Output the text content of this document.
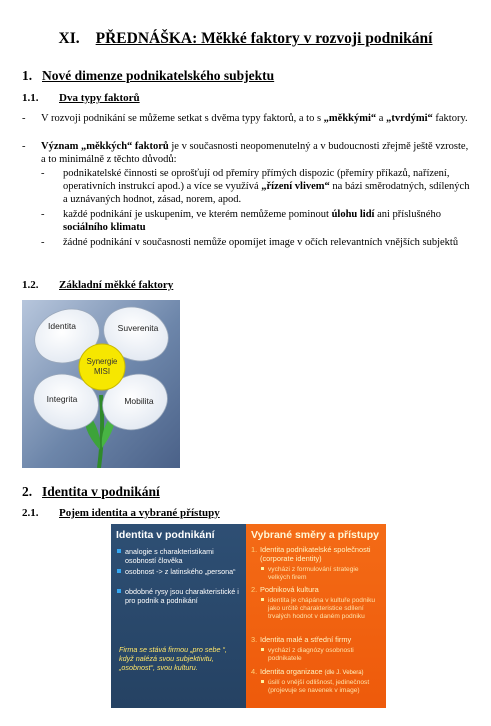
XI. PŘEDNÁŠKA: Měkké faktory v rozvoji podnikání
1. Nové dimenze podnikatelského subjektu
1.1. Dva typy faktorů
- V rozvoji podnikání se můžeme setkat s dvěma typy faktorů, a to s „měkkými“ a „tvrdými“ faktory.
- Význam „měkkých“ faktorů je v současnosti neopomenutelný a v budoucnosti zřejmě ještě vzroste, a to minimálně z těchto důvodů:
- podnikatelské činnosti se oprošťují od přemíry přímých dispozic (přemíry příkazů, nařízení, operativních instrukcí apod.) a více se využívá „řízení vlivem“ na bázi směrodatných, sdílených a uznávaných hodnot, zásad, norem, apod.
- každé podnikání je uskupením, ve kterém nemůžeme pominout úlohu lidí ani příslušného sociálního klimatu
- žádné podnikání v současnosti nemůže opomíjet image v očích relevantních vnějších subjektů
1.2. Základní měkké faktory
Identita	Suverenita
Integrita	Mobilita
Synergie
MISI
2. Identita v podnikání
2.1. Pojem identita a vybrané přístupy
Identita v podnikání
analogie s charakteristikami osobností člověka
osobnost -> z latinského „persona“
obdobné rysy jsou charakteristické i pro podnik a podnikání
Firma se stává firmou „pro sebe “, když nalézá svou subjektivitu, „osobnost“, svou kulturu.
Vybrané směry a přístupy
1. Identita podnikatelské společnosti (corporate identity)
vycházi z formulování strategie velkých firem
2. Podniková kultura
identita je chápána v kultuře podniku jako určitě charakteristice sdílení trvalých hodnot v daném podniku
3. Identita malé a střední firmy
vychází z diagnózy osobnosti podnikatele
4. Identita organizace (dle J. Vebera)
úsilí o vnější odlišnost, jedinečnost (projevuje se navenek v image)
